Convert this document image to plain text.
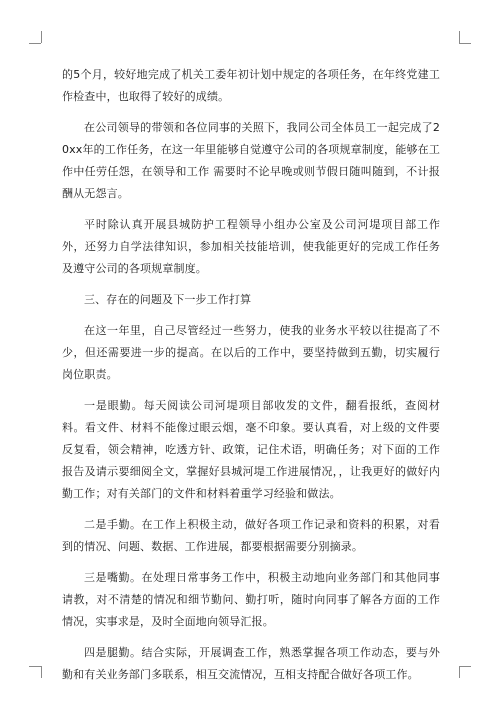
的5个月，较好地完成了机关工委年初计划中规定的各项任务，在年终党建工作检查中，也取得了较好的成绩。

在公司领导的带领和各位同事的关照下，我同公司全体员工一起完成了20xx年的工作任务，在这一年里能够自觉遵守公司的各项规章制度，能够在工作中任劳任怨，在领导和工作 需要时不论早晚或则节假日随叫随到，不计报酬从无怨言。

平时除认真开展县城防护工程领导小组办公室及公司河堤项目部工作外，还努力自学法律知识，参加相关技能培训，使我能更好的完成工作任务及遵守公司的各项规章制度。

三、存在的问题及下一步工作打算

在这一年里，自己尽管经过一些努力，使我的业务水平较以往提高了不少，但还需要进一步的提高。在以后的工作中，要坚持做到五勤，切实履行岗位职责。

一是眼勤。每天阅读公司河堤项目部收发的文件，翻看报纸，查阅材料。看文件、材料不能像过眼云烟，毫不印象。要认真看，对上级的文件要反复看，领会精神，吃透方针、政策，记住术语，明确任务；对下面的工作报告及请示要细阅全文，掌握好县城河堤工作进展情况，，让我更好的做好内勤工作；对有关部门的文件和材料着重学习经验和做法。

二是手勤。在工作上积极主动，做好各项工作记录和资料的积累，对看到的情况、问题、数据、工作进展，都要根据需要分别摘录。

三是嘴勤。在处理日常事务工作中，积极主动地向业务部门和其他同事请教，对不清楚的情况和细节勤问、勤打听，随时向同事了解各方面的工作情况，实事求是，及时全面地向领导汇报。

四是腿勤。结合实际，开展调查工作，熟悉掌握各项工作动态，要与外勤和有关业务部门多联系，相互交流情况，互相支持配合做好各项工作。
